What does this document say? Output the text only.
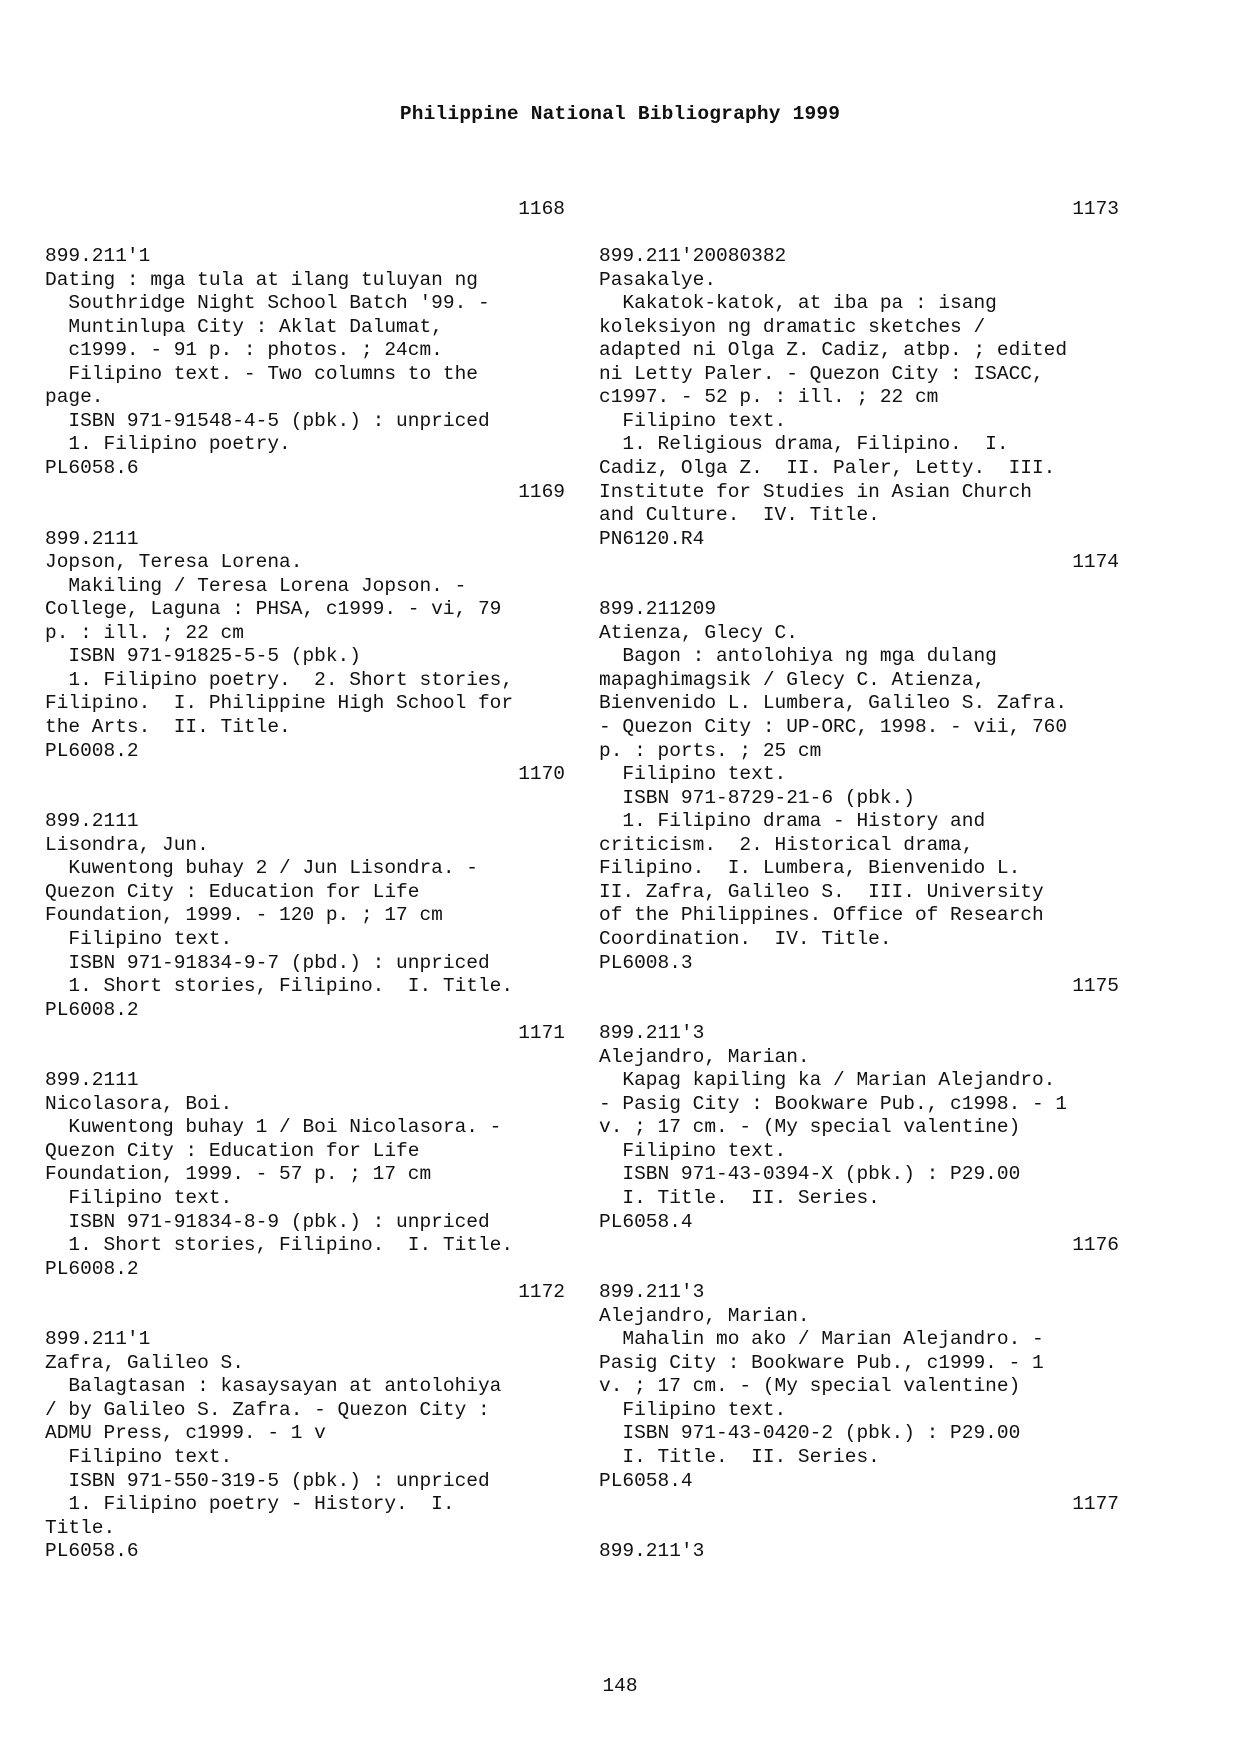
Philippine National Bibliography 1999
1168
899.211'1
Dating : mga tula at ilang tuluyan ng
Southridge Night School Batch '99. -
Muntinlupa City : Aklat Dalumat,
c1999. - 91 p. : photos. ; 24cm.
Filipino text. - Two columns to the
page.
ISBN 971-91548-4-5 (pbk.) : unpriced
1. Filipino poetry.
PL6058.6
1169
899.2111
Jopson, Teresa Lorena.
Makiling / Teresa Lorena Jopson. -
College, Laguna : PHSA, c1999. - vi, 79
p. : ill. ; 22 cm
ISBN 971-91825-5-5 (pbk.)
1. Filipino poetry.  2. Short stories,
Filipino.  I. Philippine High School for
the Arts.  II. Title.
PL6008.2
1170
899.2111
Lisondra, Jun.
Kuwentong buhay 2 / Jun Lisondra. -
Quezon City : Education for Life
Foundation, 1999. - 120 p. ; 17 cm
Filipino text.
ISBN 971-91834-9-7 (pbd.) : unpriced
1. Short stories, Filipino.  I. Title.
PL6008.2
1171
899.2111
Nicolasora, Boi.
Kuwentong buhay 1 / Boi Nicolasora. -
Quezon City : Education for Life
Foundation, 1999. - 57 p. ; 17 cm
Filipino text.
ISBN 971-91834-8-9 (pbk.) : unpriced
1. Short stories, Filipino.  I. Title.
PL6008.2
1172
899.211'1
Zafra, Galileo S.
Balagtasan : kasaysayan at antolohiya
/ by Galileo S. Zafra. - Quezon City :
ADMU Press, c1999. - 1 v
Filipino text.
ISBN 971-550-319-5 (pbk.) : unpriced
1. Filipino poetry - History.  I.
Title.
PL6058.6
1173
899.211'20080382
Pasakalye.
Kakatok-katok, at iba pa : isang
koleksiyon ng dramatic sketches /
adapted ni Olga Z. Cadiz, atbp. ; edited
ni Letty Paler. - Quezon City : ISACC,
c1997. - 52 p. : ill. ; 22 cm
Filipino text.
1. Religious drama, Filipino.  I.
Cadiz, Olga Z.  II. Paler, Letty.  III.
Institute for Studies in Asian Church
and Culture.  IV. Title.
PN6120.R4
1174
899.211209
Atienza, Glecy C.
Bagon : antolohiya ng mga dulang
mapaghimagsik / Glecy C. Atienza,
Bienvenido L. Lumbera, Galileo S. Zafra.
- Quezon City : UP-ORC, 1998. - vii, 760
p. : ports. ; 25 cm
Filipino text.
ISBN 971-8729-21-6 (pbk.)
1. Filipino drama - History and
criticism.  2. Historical drama,
Filipino.  I. Lumbera, Bienvenido L.
II. Zafra, Galileo S.  III. University
of the Philippines. Office of Research
Coordination.  IV. Title.
PL6008.3
1175
899.211'3
Alejandro, Marian.
Kapag kapiling ka / Marian Alejandro.
- Pasig City : Bookware Pub., c1998. - 1
v. ; 17 cm. - (My special valentine)
Filipino text.
ISBN 971-43-0394-X (pbk.) : P29.00
I. Title.  II. Series.
PL6058.4
1176
899.211'3
Alejandro, Marian.
Mahalin mo ako / Marian Alejandro. -
Pasig City : Bookware Pub., c1999. - 1
v. ; 17 cm. - (My special valentine)
Filipino text.
ISBN 971-43-0420-2 (pbk.) : P29.00
I. Title.  II. Series.
PL6058.4
1177
899.211'3
148
